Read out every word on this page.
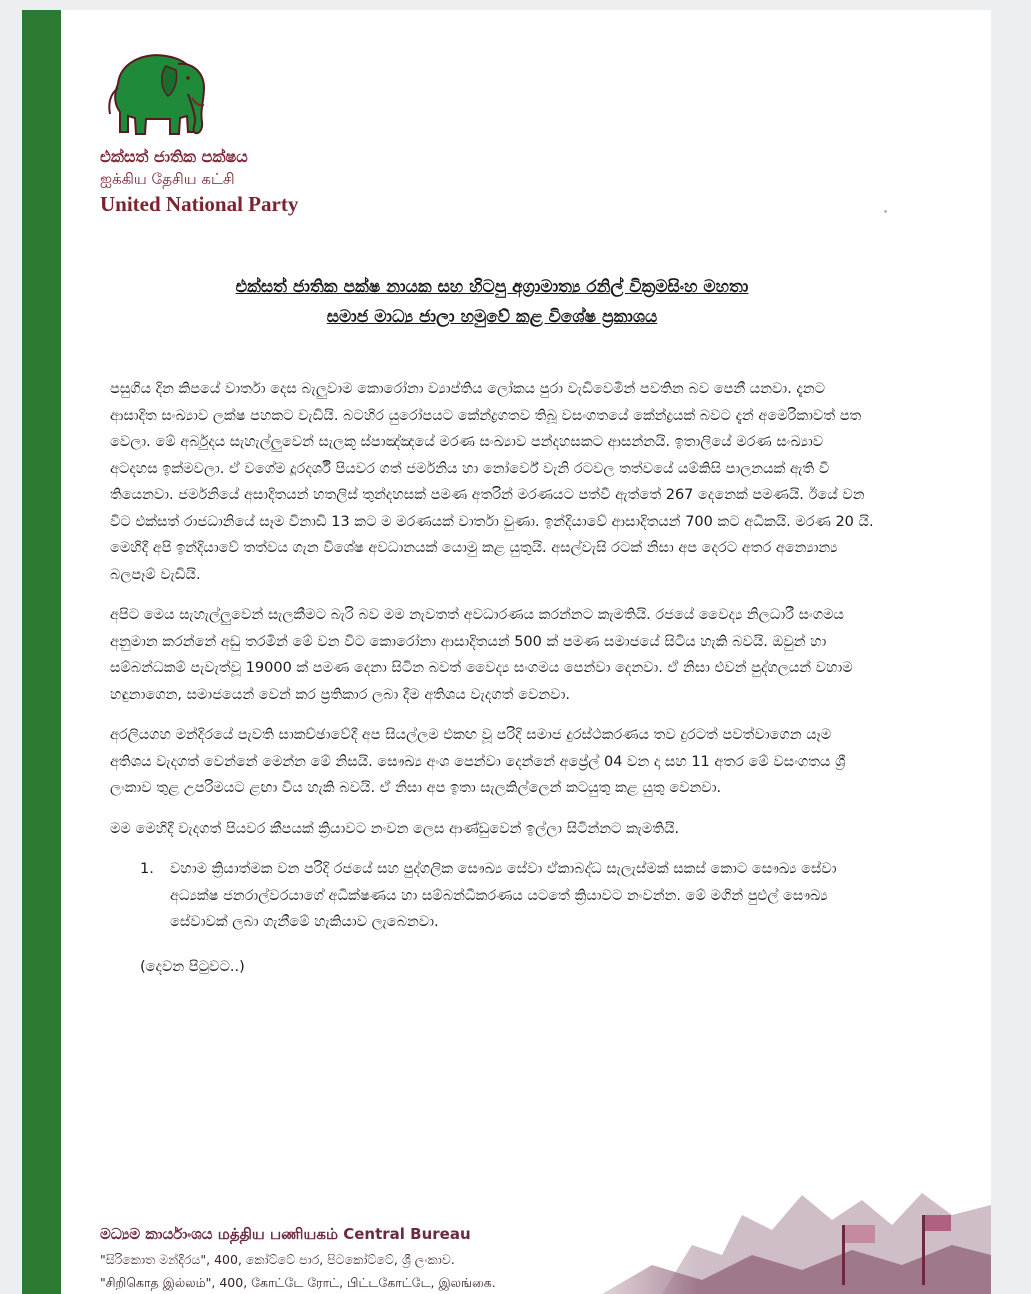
එක්සත් ජාතික පක්ෂය
ஐக்கிய தேசிய கட்சி
United National Party
එක්සත් ජාතික පක්ෂ නායක සහ හිටපු අග්‍රාමාත්‍ය රනිල් වික්‍රමසිංහ මහතා
සමාජ මාධ්‍ය ජාලා හමුවේ කළ විශේෂ ප්‍රකාශය

පසුගිය දින කිපයේ වාර්තා දෙස බැලුවාම කොරෝනා ව්‍යාප්තිය ලෝකය පුරා වැඩිවෙමින් පවතින බව පෙනී යනවා. දැනට ආසාදිත සංඛ්‍යාව ලක්ෂ පහකට වැඩියි. බටහිර යුරෝපයට කේන්ද්‍රගතව තිබූ වසංගතයේ කේන්ද්‍රයක් බවට දැන් අමෙරිකාවත් පත වෙලා. මේ අර්බුදය සැහැල්ලුවෙන් සැලකූ ස්පාඤ්ඤයේ මරණ සංඛ්‍යාව පන්දහසකට ආසන්නයි. ඉතාලියේ මරණ සංඛ්‍යාව අටදහස ඉක්මවලා. ඒ වගේම දූරදර්ශී පියවර ගත් ජර්මනිය හා නෝර්වේ වැනි රටවල තත්වයේ යම්කිසි පාලනයක් ඇති වී තියෙනවා. ජර්මනියේ අසාදිතයන් හතලිස් තුන්දහසක් පමණ අතරින් මරණයට පත්වී ඇත්තේ 267 දෙනෙක් පමණයි. ඊයේ වන විට එක්සත් රාජධානියේ සෑම විනාඩි 13 කට ම මරණයක් වාර්තා වුණා. ඉන්දියාවේ ආසාදිතයන් 700 කට අධිකයි. මරණ 20 යි. මෙහිදී අපි ඉන්දියාවේ තත්වය ගැන විශේෂ අවධානයක් යොමු කළ යුතුයි. අසල්වැසි රටක් නිසා අප දෙරට අතර අන්‍යොන්‍ය බලපෑම් වැඩියි.

අපිට මෙය සැහැල්ලුවෙන් සැලකීමට බැරි බව මම නැවතත් අවධාරණය කරන්නට කැමතියි. රජයේ වෛද්‍ය නිලධාරී සංගමය අනුමාන කරන්නේ අඩු තරමින් මේ වන විට කොරෝනා ආසාදිතයන් 500 ක් පමණ සමාජයේ සිටිය හැකි බවයි. ඔවුන් හා සම්බන්ධකම් පැවැත්වූ 19000 ක් පමණ දෙනා සිටින බවත් වෛද්‍ය සංගමය පෙන්වා දෙනවා. ඒ නිසා එවන් පුද්ගලයන් වහාම හඳුනාගෙන, සමාජයෙන් වෙන් කර ප්‍රතිකාර ලබා දීම අතිශය වැදගත් වෙනවා.

අරලියගහ මන්දිරයේ පැවති සාකච්ඡාවේදී අප සියල්ලම එකඟ වූ පරිදි සමාජ දුරස්ථකරණය තව දුරටත් පවත්වාගෙන යෑම අතිශය වැදගත් වෙන්නේ මෙන්න මේ නිසයි. සෞඛ්‍ය අංශ පෙන්වා දෙන්නේ අප්‍රේල් 04 වන දා සහ 11 අතර මේ වසංගතය ශ්‍රී ලංකාව තුළ උපරිමයට ළඟා විය හැකි බවයි. ඒ නිසා අප ඉතා සැලකිල්ලෙන් කටයුතු කළ යුතු වෙනවා.

මම මෙහිදී වැදගත් පියවර කීපයක් ක්‍රියාවට නංවන ලෙස ආණ්ඩුවෙන් ඉල්ලා සිටින්නට කැමතියි.

1.	වහාම ක්‍රියාත්මක වන පරිදි රජයේ සහ පුද්ගලික සෞඛ්‍ය සේවා ඒකාබද්ධ සැලැස්මක් සකස් කොට සෞඛ්‍ය සේවා අධ්‍යක්ෂ ජනරාල්වරයාගේ අධීක්ෂණය හා සම්බන්ධීකරණය යටතේ ක්‍රියාවට නංවන්න. මේ මගින් පුළුල් සෞඛ්‍ය සේවාවක් ලබා ගැනීමේ හැකියාව ලැබෙනවා.
(දෙවන පිටුවට..)
මධ්‍යම කාර්යාංශය மத்திய பணியகம் Central Bureau
"සිරිකොත මන්දිරය", 400, කෝට්ටේ පාර, පිටකෝට්ටේ, ශ්‍රී ලංකාව.
"சிறிகொத இல்லம்", 400, கோட்டே ரோட், பிட்டகோட்டே, இலங்கை.
